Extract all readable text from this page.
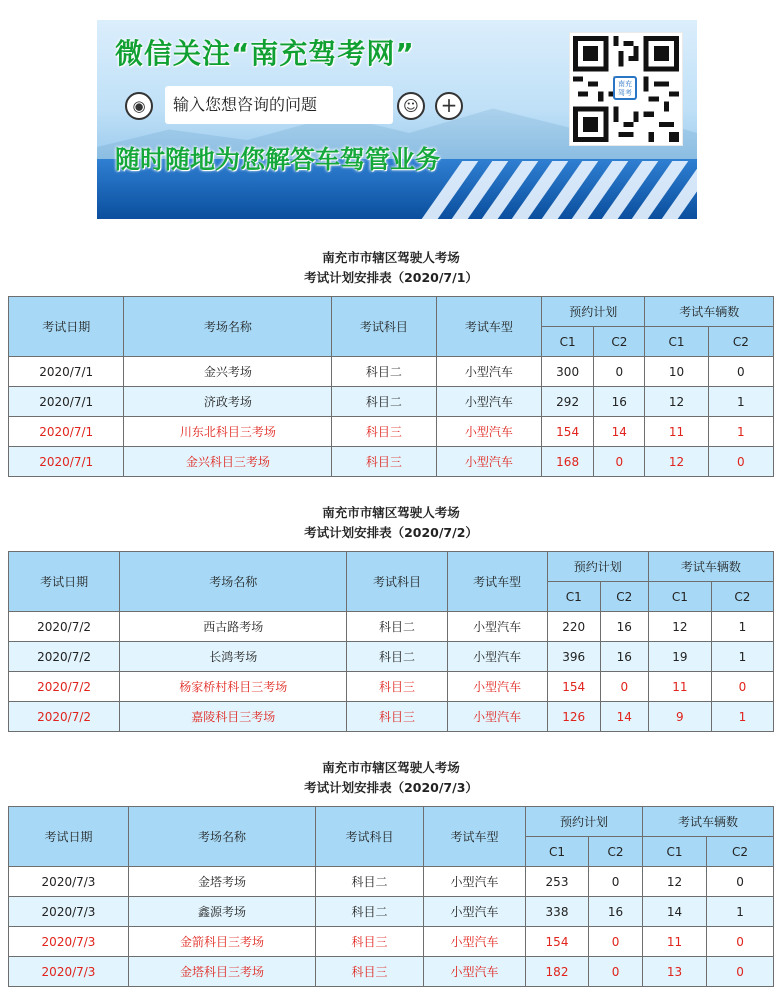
微信关注“南充驾考网”
◉	输入您想咨询的问题	☺	+
随时随地为您解答车驾管业务
南充驾考
南充市市辖区驾驶人考场
考试计划安排表（2020/7/1）
考试日期	考场名称	考试科目	考试车型	预约计划		考试车辆数	
				C1	C2	C1	C2
2020/7/1	金兴考场	科目二	小型汽车	300	0	10	0
2020/7/1	济政考场	科目二	小型汽车	292	16	12	1
2020/7/1	川东北科目三考场	科目三	小型汽车	154	14	11	1
2020/7/1	金兴科目三考场	科目三	小型汽车	168	0	12	0
南充市市辖区驾驶人考场
考试计划安排表（2020/7/2）
考试日期	考场名称	考试科目	考试车型	预约计划		考试车辆数	
				C1	C2	C1	C2
2020/7/2	西古路考场	科目二	小型汽车	220	16	12	1
2020/7/2	长鸿考场	科目二	小型汽车	396	16	19	1
2020/7/2	杨家桥村科目三考场	科目三	小型汽车	154	0	11	0
2020/7/2	嘉陵科目三考场	科目三	小型汽车	126	14	9	1
南充市市辖区驾驶人考场
考试计划安排表（2020/7/3）
考试日期	考场名称	考试科目	考试车型	预约计划		考试车辆数	
				C1	C2	C1	C2
2020/7/3	金塔考场	科目二	小型汽车	253	0	12	0
2020/7/3	鑫源考场	科目二	小型汽车	338	16	14	1
2020/7/3	金箭科目三考场	科目三	小型汽车	154	0	11	0
2020/7/3	金塔科目三考场	科目三	小型汽车	182	0	13	0
